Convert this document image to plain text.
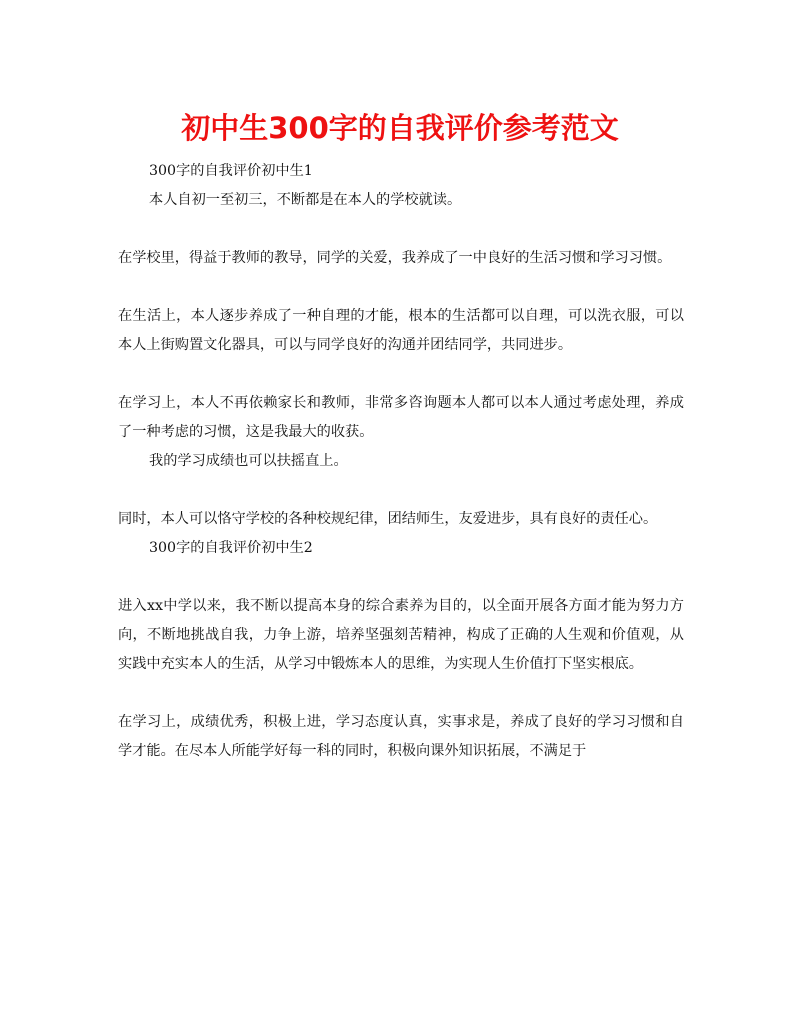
初中生300字的自我评价参考范文

300字的自我评价初中生1

本人自初一至初三，不断都是在本人的学校就读。

在学校里，得益于教师的教导，同学的关爱，我养成了一中良好的生活习惯和学习习惯。

在生活上，本人逐步养成了一种自理的才能，根本的生活都可以自理，可以洗衣服，可以本人上街购置文化器具，可以与同学良好的沟通并团结同学，共同进步。

在学习上，本人不再依赖家长和教师，非常多咨询题本人都可以本人通过考虑处理，养成了一种考虑的习惯，这是我最大的收获。

我的学习成绩也可以扶摇直上。

同时，本人可以恪守学校的各种校规纪律，团结师生，友爱进步，具有良好的责任心。

300字的自我评价初中生2

进入xx中学以来，我不断以提高本身的综合素养为目的，以全面开展各方面才能为努力方向，不断地挑战自我，力争上游，培养坚强刻苦精神，构成了正确的人生观和价值观，从实践中充实本人的生活，从学习中锻炼本人的思维，为实现人生价值打下坚实根底。

在学习上，成绩优秀，积极上进，学习态度认真，实事求是，养成了良好的学习习惯和自学才能。在尽本人所能学好每一科的同时，积极向课外知识拓展，不满足于
